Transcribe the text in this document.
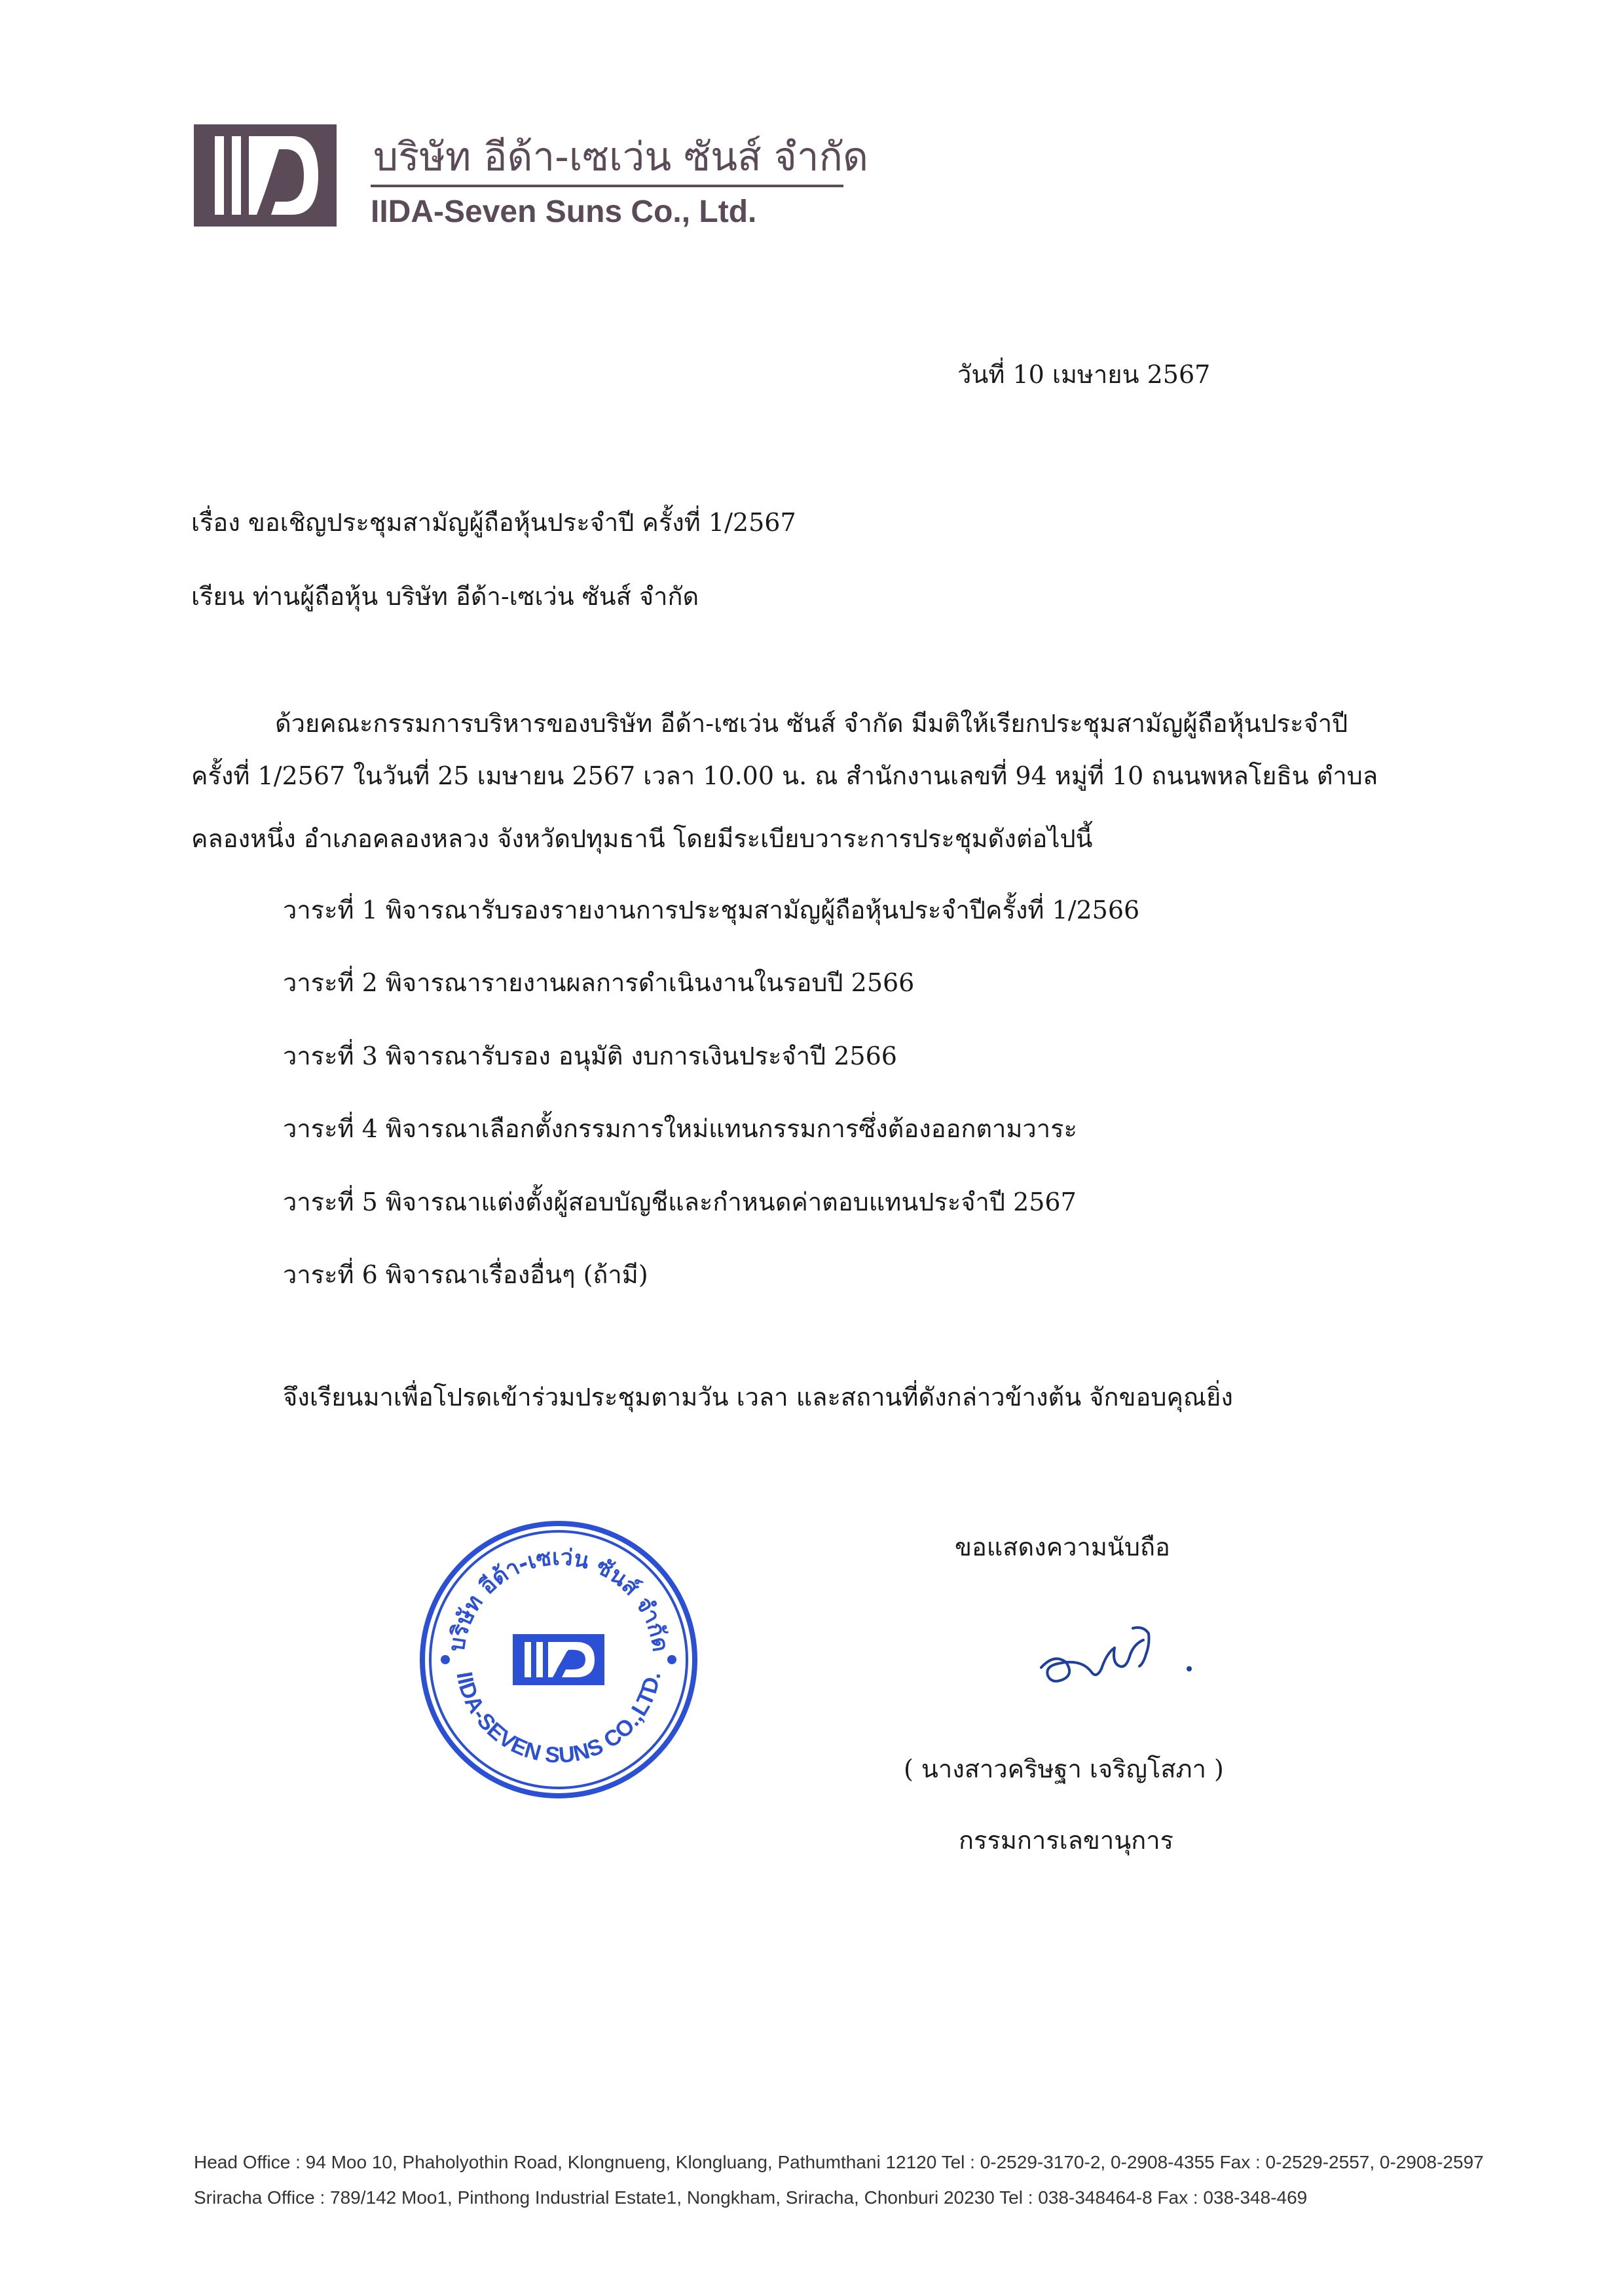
บริษัท อีด้า-เซเว่น ซันส์ จำกัด
IIDA-Seven Suns Co., Ltd.
วันที่ 10 เมษายน 2567
เรื่อง ขอเชิญประชุมสามัญผู้ถือหุ้นประจำปี ครั้งที่ 1/2567
เรียน ท่านผู้ถือหุ้น บริษัท อีด้า-เซเว่น ซันส์ จำกัด
ด้วยคณะกรรมการบริหารของบริษัท อีด้า-เซเว่น ซันส์ จำกัด มีมติให้เรียกประชุมสามัญผู้ถือหุ้นประจำปี
ครั้งที่ 1/2567 ในวันที่ 25 เมษายน 2567 เวลา 10.00 น. ณ สำนักงานเลขที่ 94 หมู่ที่ 10 ถนนพหลโยธิน ตำบล
คลองหนึ่ง อำเภอคลองหลวง จังหวัดปทุมธานี โดยมีระเบียบวาระการประชุมดังต่อไปนี้
วาระที่ 1 พิจารณารับรองรายงานการประชุมสามัญผู้ถือหุ้นประจำปีครั้งที่ 1/2566
วาระที่ 2 พิจารณารายงานผลการดำเนินงานในรอบปี 2566
วาระที่ 3 พิจารณารับรอง อนุมัติ งบการเงินประจำปี 2566
วาระที่ 4 พิจารณาเลือกตั้งกรรมการใหม่แทนกรรมการซึ่งต้องออกตามวาระ
วาระที่ 5 พิจารณาแต่งตั้งผู้สอบบัญชีและกำหนดค่าตอบแทนประจำปี 2567
วาระที่ 6 พิจารณาเรื่องอื่นๆ (ถ้ามี)
จึงเรียนมาเพื่อโปรดเข้าร่วมประชุมตามวัน เวลา และสถานที่ดังกล่าวข้างต้น จักขอบคุณยิ่ง
บริษัท อีด้า-เซเว่น ซันส์ จำกัด
IIDA-SEVEN SUNS CO.,LTD.
ขอแสดงความนับถือ
( นางสาวคริษฐา เจริญโสภา )
กรรมการเลขานุการ
Head Office : 94 Moo 10, Phaholyothin Road, Klongnueng, Klongluang, Pathumthani 12120 Tel : 0-2529-3170-2, 0-2908-4355 Fax : 0-2529-2557, 0-2908-2597
Sriracha Office : 789/142 Moo1, Pinthong Industrial Estate1, Nongkham, Sriracha, Chonburi 20230 Tel : 038-348464-8 Fax : 038-348-469
